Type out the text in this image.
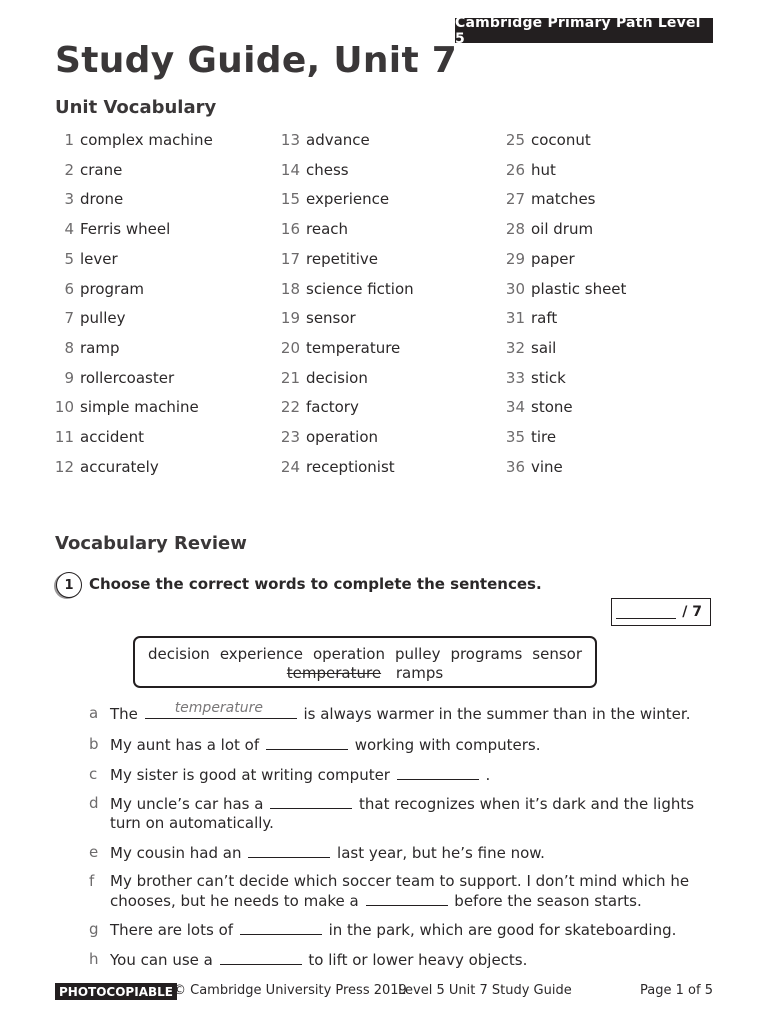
Cambridge Primary Path Level 5
Study Guide, Unit 7
Unit Vocabulary
1 complex machine
2 crane
3 drone
4 Ferris wheel
5 lever
6 program
7 pulley
8 ramp
9 rollercoaster
10 simple machine
11 accident
12 accurately
13 advance
14 chess
15 experience
16 reach
17 repetitive
18 science fiction
19 sensor
20 temperature
21 decision
22 factory
23 operation
24 receptionist
25 coconut
26 hut
27 matches
28 oil drum
29 paper
30 plastic sheet
31 raft
32 sail
33 stick
34 stone
35 tire
36 vine
Vocabulary Review
1	Choose the correct words to complete the sentences.
/ 7
decision experience operation pulley programs sensor
temperature ramps
a The	temperature	is always warmer in the summer than in the winter.
b My aunt has a lot of	working with computers.
c My sister is good at writing computer	.
d My uncle’s car has a	that recognizes when it’s dark and the lights turn on automatically.
e My cousin had an	last year, but he’s fine now.
f My brother can’t decide which soccer team to support. I don’t mind which he chooses, but he needs to make a	before the season starts.
g There are lots of	in the park, which are good for skateboarding.
h You can use a	to lift or lower heavy objects.
PHOTOCOPIABLE © Cambridge University Press 2019
Level 5 Unit 7 Study Guide	Page 1 of 5
